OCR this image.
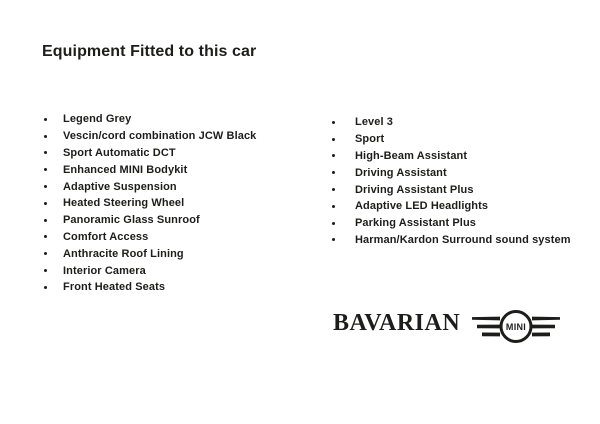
Equipment Fitted to this car
Legend Grey
Vescin/cord combination JCW Black
Sport Automatic DCT
Enhanced MINI Bodykit
Adaptive Suspension
Heated Steering Wheel
Panoramic Glass Sunroof
Comfort Access
Anthracite Roof Lining
Interior Camera
Front Heated Seats
Level 3
Sport
High-Beam Assistant
Driving Assistant
Driving Assistant Plus
Adaptive LED Headlights
Parking Assistant Plus
Harman/Kardon Surround sound system
BAVARIAN	MINI
